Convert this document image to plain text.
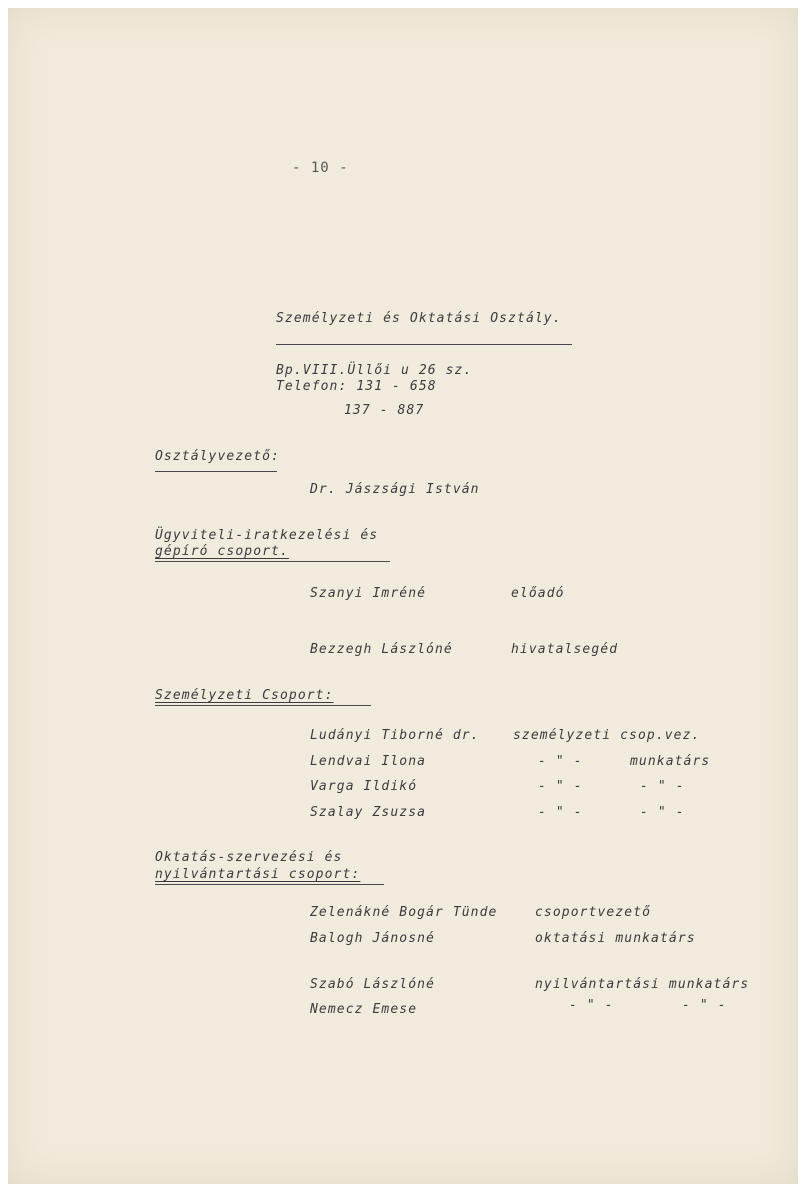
- 10 -
Személyzeti és Oktatási Osztály.
Bp.VIII.Üllői u 26 sz.
Telefon: 131 - 658
137 - 887
Osztályvezető:
Dr. Jászsági István
Ügyviteli-iratkezelési és
gépíró csoport.
Szanyi Imréné	előadó
Bezzegh Lászlóné	hivatalsegéd
Személyzeti Csoport:
Ludányi Tiborné dr.	személyzeti csop.vez.
Lendvai Ilona	- " -	munkatárs
Varga Ildikó	- " -	- " -
Szalay Zsuzsa	- " -	- " -
Oktatás-szervezési és
nyilvántartási csoport:
Zelenákné Bogár Tünde	csoportvezető
Balogh Jánosné	oktatási munkatárs
Szabó Lászlóné	nyilvántartási munkatárs
Nemecz Emese	- " -	- " -
